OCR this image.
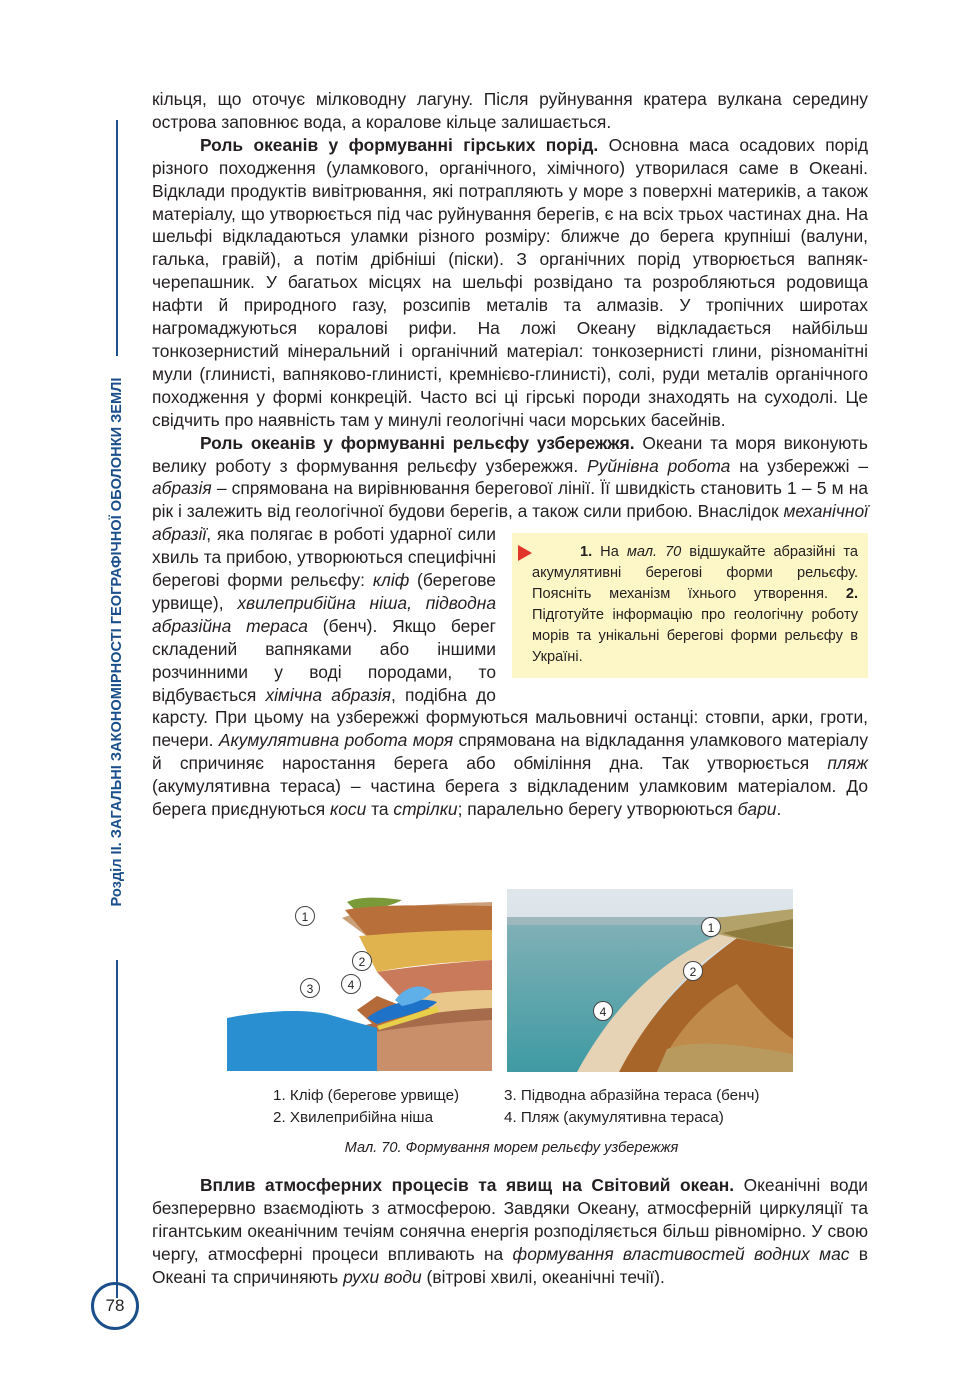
Розділ ІІ. ЗАГАЛЬНІ ЗАКОНОМІРНОСТІ ГЕОГРАФІЧНОЇ ОБОЛОНКИ ЗЕМЛІ
78

кільця, що оточує мілководну лагуну. Після руйнування кратера вулкана середину острова заповнює вода, а коралове кільце залишається.

Роль океанів у формуванні гірських порід. Основна маса осадових порід різного походження (уламкового, органічного, хімічного) утворилася саме в Океані. Відклади продуктів вивітрювання, які потрапляють у море з поверхні материків, а також матеріалу, що утворюється під час руйнування берегів, є на всіх трьох частинах дна. На шельфі відкладаються уламки різного розміру: ближче до берега крупніші (валуни, галька, гравій), а потім дрібніші (піски). З органічних порід утворюється вапняк-черепашник. У багатьох місцях на шельфі розвідано та розробляються родовища нафти й природного газу, розсипів металів та алмазів. У тропічних широтах нагромаджуються коралові рифи. На ложі Океану відкладається найбільш тонкозернистий мінеральний і органічний матеріал: тонкозернисті глини, різноманітні мули (глинисті, вапняково-глинисті, кремнієво-глинисті), солі, руди металів органічного походження у формі конкрецій. Часто всі ці гірські породи знаходять на суходолі. Це свідчить про наявність там у минулі геологічні часи морських басейнів.

Роль океанів у формуванні рельєфу узбережжя. Океани та моря виконують велику роботу з формування рельєфу узбережжя. Руйнівна робота на узбережжі – абразія – спрямована на вирівнювання берегової лінії. Її швидкість становить 1 – 5 м на рік і залежить від геологічної будови берегів, а також сили прибою. Внаслідок
1. На мал. 70 відшукайте абразійні та акумулятивні берегові форми рельєфу. Поясніть механізм їхнього утворення. 2. Підготуйте інформацію про геологічну роботу морів та унікальні берегові форми рельєфу в Україні.
механічної абразії, яка полягає в роботі ударної сили хвиль та прибою, утворюються специфічні берегові форми рельєфу: кліф (берегове урвище), хвилеприбійна ніша, підводна абразійна тераса (бенч). Якщо берег складений вапняками або іншими розчинними у воді породами, то відбувається хімічна абразія, подібна до карсту. При цьому на узбережжі формуються мальовничі останці: стовпи, арки, гроти, печери. Акумулятивна робота моря спрямована на відкладання уламкового матеріалу й спричиняє наростання берега або обміління дна. Так утворюється пляж (акумулятивна тераса) – частина берега з відкладеним уламковим матеріалом. До берега приєднуються коси та стрілки; паралельно берегу утворюються бари.

1
2
3	4
1
2
4
1. Кліф (берегове урвище)
2. Хвилеприбійна ніша
3. Підводна абразійна тераса (бенч)
4. Пляж (акумулятивна тераса)
Мал. 70. Формування морем рельєфу узбережжя

Вплив атмосферних процесів та явищ на Світовий океан. Океанічні води безперервно взаємодіють з атмосферою. Завдяки Океану, атмосферній циркуляції та гігантським океанічним течіям сонячна енергія розподіляється більш рівномірно. У свою чергу, атмосферні процеси впливають на формування властивостей водних мас в Океані та спричиняють рухи води (вітрові хвилі, океанічні течії).
